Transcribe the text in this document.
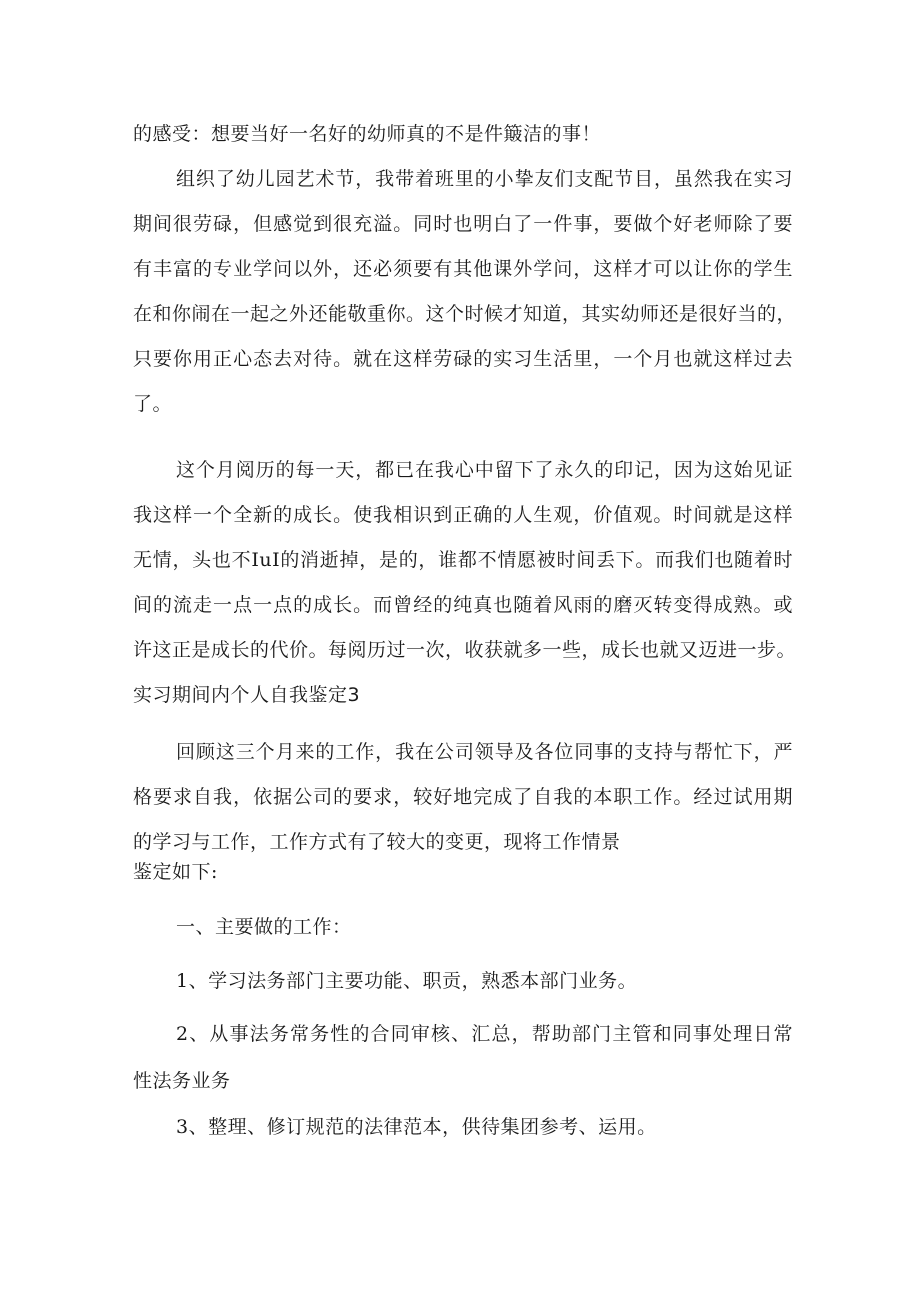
的感受：想要当好一名好的幼师真的不是件簸洁的事！
组织了幼儿园艺术节，我带着班里的小挚友们支配节目，虽然我在实习
期间很劳碌，但感觉到很充溢。同时也明白了一件事，要做个好老师除了要
有丰富的专业学问以外，还必须要有其他课外学问，这样才可以让你的学生
在和你闹在一起之外还能敬重你。这个时候才知道，其实幼师还是很好当的，
只要你用正心态去对待。就在这样劳碌的实习生活里，一个月也就这样过去
了。
这个月阅历的每一天，都已在我心中留下了永久的印记，因为这始见证
我这样一个全新的成长。使我相识到正确的人生观，价值观。时间就是这样
无情，头也不IuI的消逝掉，是的，谁都不情愿被时间丢下。而我们也随着时
间的流走一点一点的成长。而曾经的纯真也随着风雨的磨灭转变得成熟。或
许这正是成长的代价。每阅历过一次，收获就多一些，成长也就又迈进一步。
实习期间内个人自我鉴定3
回顾这三个月来的工作，我在公司领导及各位同事的支持与帮忙下，严
格要求自我，依据公司的要求，较好地完成了自我的本职工作。经过试用期
的学习与工作，工作方式有了较大的变更，现将工作情景
鉴定如下:
一、主要做的工作：
1、学习法务部门主要功能、职贡，熟悉本部门业务。
2、从事法务常务性的合同审核、汇总，帮助部门主管和同事处理日常
性法务业务
3、整理、修订规范的法律范本，供待集团参考、运用。
